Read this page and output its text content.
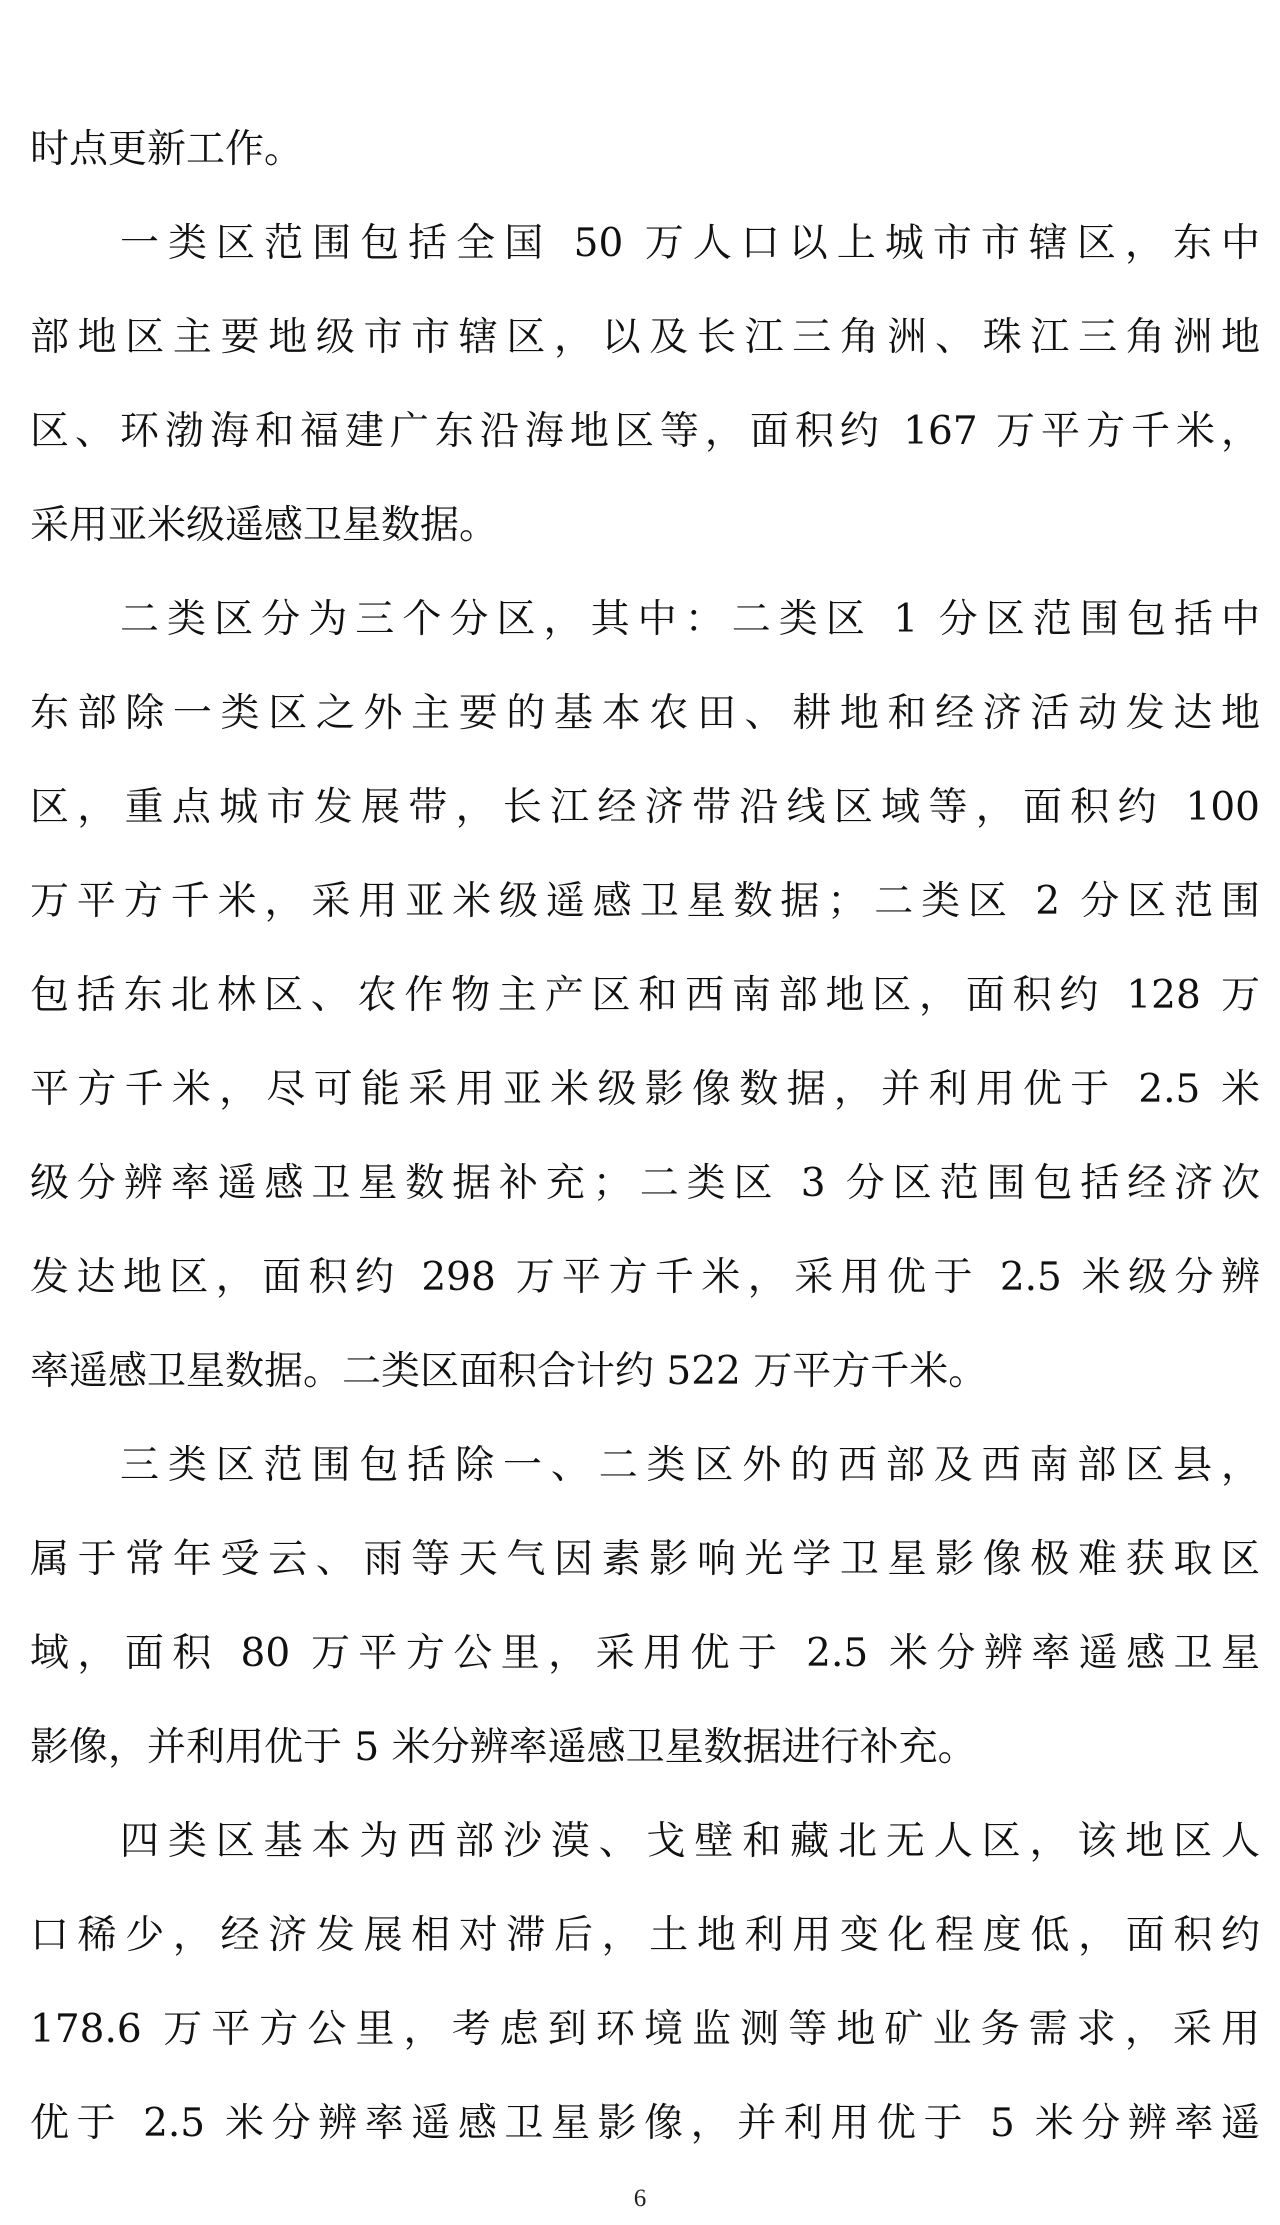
时点更新工作。
一类区范围包括全国 50 万人口以上城市市辖区，东中
部地区主要地级市市辖区，以及长江三角洲、珠江三角洲地
区、环渤海和福建广东沿海地区等，面积约 167 万平方千米，
采用亚米级遥感卫星数据。
二类区分为三个分区，其中：二类区 1 分区范围包括中
东部除一类区之外主要的基本农田、耕地和经济活动发达地
区，重点城市发展带，长江经济带沿线区域等，面积约 100
万平方千米，采用亚米级遥感卫星数据；二类区 2 分区范围
包括东北林区、农作物主产区和西南部地区，面积约 128 万
平方千米，尽可能采用亚米级影像数据，并利用优于 2.5 米
级分辨率遥感卫星数据补充；二类区 3 分区范围包括经济次
发达地区，面积约 298 万平方千米，采用优于 2.5 米级分辨
率遥感卫星数据。二类区面积合计约 522 万平方千米。
三类区范围包括除一、二类区外的西部及西南部区县，
属于常年受云、雨等天气因素影响光学卫星影像极难获取区
域，面积 80 万平方公里，采用优于 2.5 米分辨率遥感卫星
影像，并利用优于 5 米分辨率遥感卫星数据进行补充。
四类区基本为西部沙漠、戈壁和藏北无人区，该地区人
口稀少，经济发展相对滞后，土地利用变化程度低，面积约
178.6 万平方公里，考虑到环境监测等地矿业务需求，采用
优于 2.5 米分辨率遥感卫星影像，并利用优于 5 米分辨率遥
6
